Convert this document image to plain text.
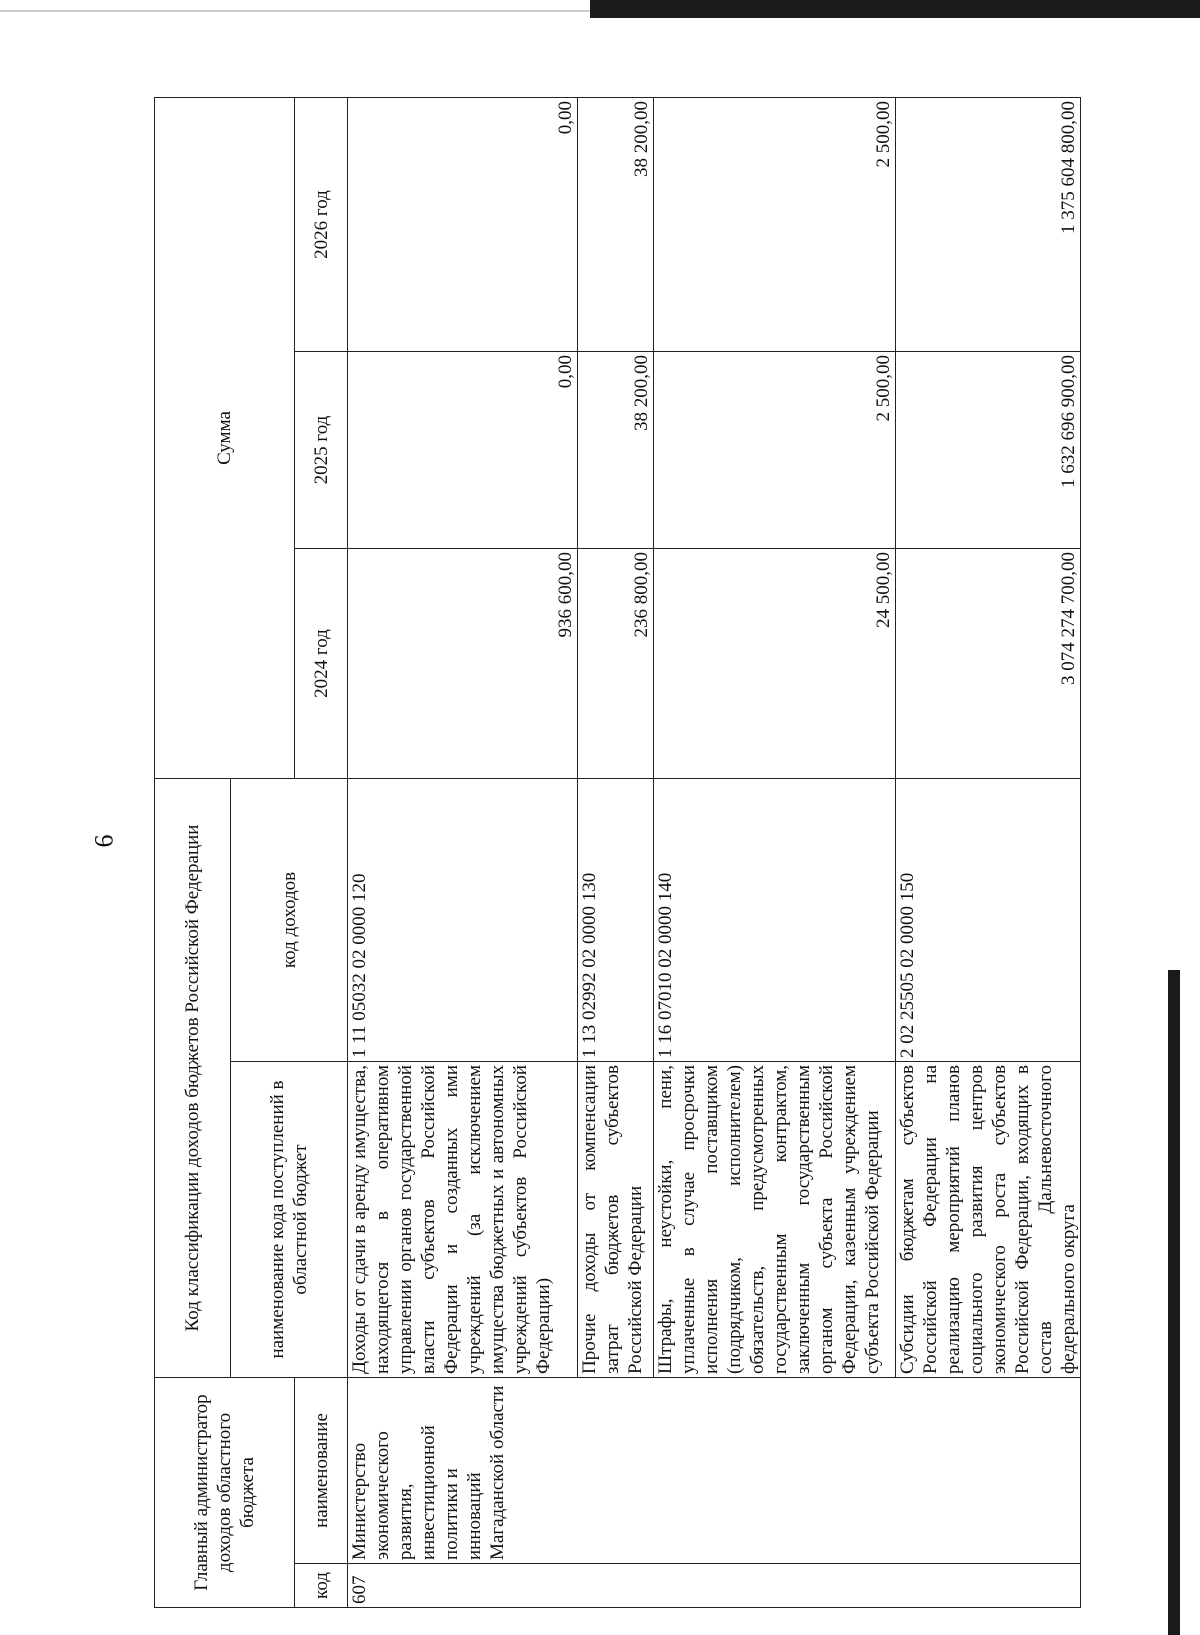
6
Главный администратор доходов областного бюджета		Код классификации доходов бюджетов Российской Федерации		Сумма		
		наименование кода поступлений в областной бюджет	код доходов			
код	наименование			2024 год	2025 год	2026 год
607	Министерство экономического развития, инвестиционной политики и инноваций Магаданской области	Доходы от сдачи в аренду имущества, находящегося в оперативном управлении органов государственной власти субъектов Российской Федерации и созданных ими учреждений (за исключением имущества бюджетных и автономных учреждений субъектов Российской Федерации)	1 11 05032 02 0000 120	936 600,00	0,00	0,00
		Прочие доходы от компенсации затрат бюджетов субъектов Российской Федерации	1 13 02992 02 0000 130	236 800,00	38 200,00	38 200,00
		Штрафы, неустойки, пени, уплаченные в случае просрочки исполнения поставщиком (подрядчиком, исполнителем) обязательств, предусмотренных государственным контрактом, заключенным государственным органом субъекта Российской Федерации, казенным учреждением субъекта Российской Федерации	1 16 07010 02 0000 140	24 500,00	2 500,00	2 500,00
		Субсидии бюджетам субъектов Российской Федерации на реализацию мероприятий планов социального развития центров экономического роста субъектов Российской Федерации, входящих в состав Дальневосточного федерального округа	2 02 25505 02 0000 150	3 074 274 700,00	1 632 696 900,00	1 375 604 800,00
